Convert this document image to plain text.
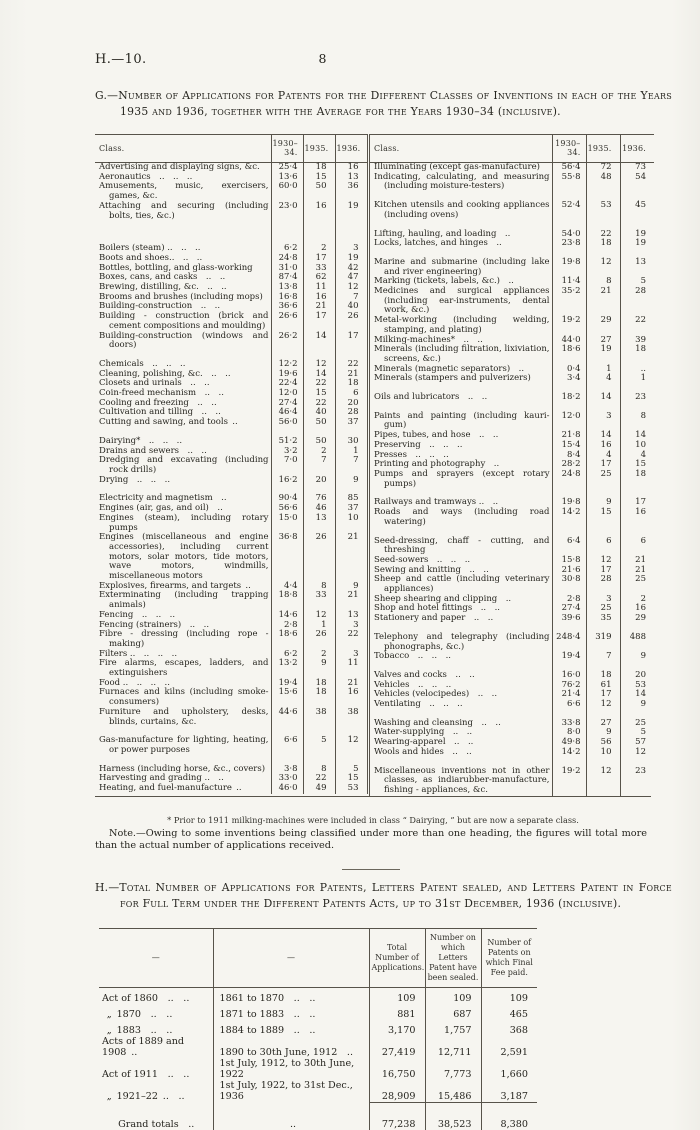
H.—10.	8

G.—Number of Applications for Patents for the Different Classes of Inventions in each of the Years 1935 and 1936, together with the Average for the Years 1930–34 (inclusive).

Class.	1930–34.	1935.	1936.
Advertising and displaying signs, &c.	25·4	18	16
Aeronautics .. .. ..	13·6	15	13
Amusements, music, exercisers, games, &c.	60·0	50	36
Attaching and securing (including bolts, ties, &c.)	23·0	16	19

Boilers (steam) .. .. ..	6·2	2	3
Boots and shoes.. .. ..	24·8	17	19
Bottles, bottling, and glass-working	31·0	33	42
Boxes, cans, and casks .. ..	87·4	62	47
Brewing, distilling, &c. .. ..	13·8	11	12
Brooms and brushes (including mops)	16·8	16	7
Building-construction .. ..	36·6	21	40
Building - construction (brick and cement compositions and moulding)	26·6	17	26
Building-construction (windows and doors)	26·2	14	17

Chemicals .. .. ..	12·2	12	22
Cleaning, polishing, &c. .. ..	19·6	14	21
Closets and urinals .. ..	22·4	22	18
Coin-freed mechanism .. ..	12·0	15	6
Cooling and freezing .. ..	27·4	22	20
Cultivation and tilling .. ..	46·4	40	28
Cutting and sawing, and tools ..	56·0	50	37

Dairying* .. .. ..	51·2	50	30
Drains and sewers .. ..	3·2	2	1
Dredging and excavating (including rock drills)	7·0	7	7
Drying .. .. ..	16·2	20	9

Electricity and magnetism ..	90·4	76	85
Engines (air, gas, and oil) ..	56·6	46	37
Engines (steam), including rotary pumps	15·0	13	10
Engines (miscellaneous and engine accessories), including current motors, solar motors, tide motors, wave motors, windmills, miscellaneous motors	36·8	26	21
Explosives, firearms, and targets ..	4·4	8	9
Exterminating (including trapping animals)	18·8	33	21
Fencing .. .. ..	14·6	12	13
Fencing (strainers) .. ..	2·8	1	3
Fibre - dressing (including rope - making)	18·6	26	22
Filters .. .. .. ..	6·2	2	3
Fire alarms, escapes, ladders, and extinguishers	13·2	9	11
Food .. .. .. ..	19·4	18	21
Furnaces and kilns (including smoke-consumers)	15·6	18	16
Furniture and upholstery, desks, blinds, curtains, &c.	44·6	38	38

Gas-manufacture for lighting, heating, or power purposes	6·6	5	12

Harness (including horse, &c., covers)	3·8	8	5
Harvesting and grading .. ..	33·0	22	15
Heating, and fuel-manufacture ..	46·0	49	53
Class.	1930–34.	1935.	1936.
Illuminating (except gas-manufacture)	56·4	72	73
Indicating, calculating, and measuring (including moisture-testers)	55·8	48	54

Kitchen utensils and cooking appliances (including ovens)	52·4	53	45

Lifting, hauling, and loading ..	54·0	22	19
Locks, latches, and hinges ..	23·8	18	19

Marine and submarine (including lake and river engineering)	19·8	12	13
Marking (tickets, labels, &c.) ..	11·4	8	5
Medicines and surgical appliances (including ear-instruments, dental work, &c.)	35·2	21	28
Metal-working (including welding, stamping, and plating)	19·2	29	22
Milking-machines* .. ..	44·0	27	39
Minerals (including filtration, lixiviation, screens, &c.)	18·6	19	18
Minerals (magnetic separators) ..	0·4	1	..
Minerals (stampers and pulverizers)	3·4	4	1

Oils and lubricators .. ..	18·2	14	23

Paints and painting (including kauri-gum)	12·0	3	8
Pipes, tubes, and hose .. ..	21·8	14	14
Preserving .. .. ..	15·4	16	10
Presses .. .. ..	8·4	4	4
Printing and photography ..	28·2	17	15
Pumps and sprayers (except rotary pumps)	24·8	25	18

Railways and tramways .. ..	19·8	9	17
Roads and ways (including road watering)	14·2	15	16

Seed-dressing, chaff - cutting, and threshing	6·4	6	6
Seed-sowers .. .. ..	15·8	12	21
Sewing and knitting .. ..	21·6	17	21
Sheep and cattle (including veterinary appliances)	30·8	28	25
Sheep shearing and clipping ..	2·8	3	2
Shop and hotel fittings .. ..	27·4	25	16
Stationery and paper .. ..	39·6	35	29

Telephony and telegraphy (including phonographs, &c.)	248·4	319	488
Tobacco .. .. ..	19·4	7	9

Valves and cocks .. ..	16·0	18	20
Vehicles .. .. ..	76·2	61	53
Vehicles (velocipedes) .. ..	21·4	17	14
Ventilating .. .. ..	6·6	12	9

Washing and cleansing .. ..	33·8	27	25
Water-supplying .. ..	8·0	9	5
Wearing-apparel .. ..	49·8	56	57
Wools and hides .. ..	14·2	10	12

Miscellaneous inventions not in other classes, as indiarubber-manufacture, fishing - appliances, &c.	19·2	12	23

* Prior to 1911 milking-machines were included in class “ Dairying, ” but are now a separate class.

Note.—Owing to some inventions being classified under more than one heading, the figures will total more than the actual number of applications received.

H.—Total Number of Applications for Patents, Letters Patent sealed, and Letters Patent in Force for Full Term under the Different Patents Acts, up to 31st December, 1936 (inclusive).

—	—	Total Number of Applications.	Number on which Letters Patent have been sealed.	Number of Patents on which Final Fee paid.
Act of 1860 .. ..	1861 to 1870 .. ..	109	109	109
 „ 1870 .. ..	1871 to 1883 .. ..	881	687	465
 „ 1883 .. ..	1884 to 1889 .. ..	3,170	1,757	368
Acts of 1889 and 1908 ..	1890 to 30th June, 1912 ..	27,419	12,711	2,591
Act of 1911 .. ..	1st July, 1912, to 30th June, 1922	16,750	7,773	1,660
 „ 1921–22 .. ..	1st July, 1922, to 31st Dec., 1936	28,909	15,486	3,187
Grand totals ..	..	77,238	38,523	8,380
